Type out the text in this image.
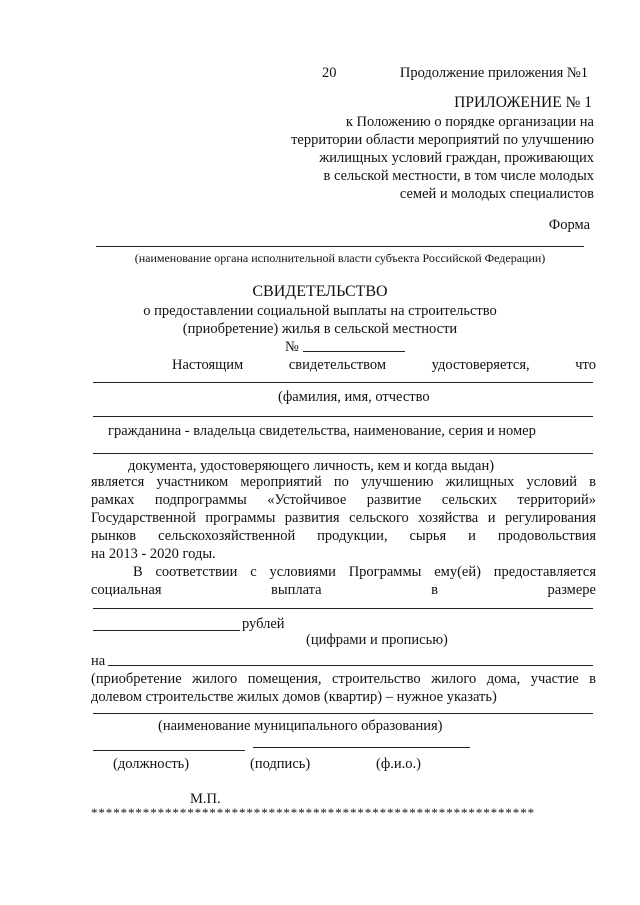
20	Продолжение приложения №1
ПРИЛОЖЕНИЕ № 1
к Положению о порядке организации на
территории области мероприятий по улучшению
жилищных условий граждан, проживающих
в сельской местности, в том числе молодых
семей и молодых специалистов
Форма
(наименование органа исполнительной власти субъекта Российской Федерации)
СВИДЕТЕЛЬСТВО
о предоставлении социальной выплаты на строительство
(приобретение) жилья в сельской местности
№
Настоящим	свидетельством	удостоверяется,	что
(фамилия, имя, отчество
гражданина - владельца свидетельства, наименование, серия и номер
документа, удостоверяющего личность, кем и когда выдан)
является участником мероприятий по улучшению жилищных условий в
рамках подпрограммы «Устойчивое развитие сельских территорий»
Государственной программы развития сельского хозяйства и регулирования
рынков сельскохозяйственной продукции, сырья и продовольствия
на 2013 - 2020 годы.
В соответствии с условиями Программы ему(ей) предоставляется
социальная	выплата	в	размере
рублей
(цифрами и прописью)
на
(приобретение жилого помещения, строительство жилого дома, участие в
долевом строительстве жилых домов (квартир) – нужное указать)
(наименование муниципального образования)
(должность)	(подпись)	(ф.и.о.)
М.П.
************************************************************
